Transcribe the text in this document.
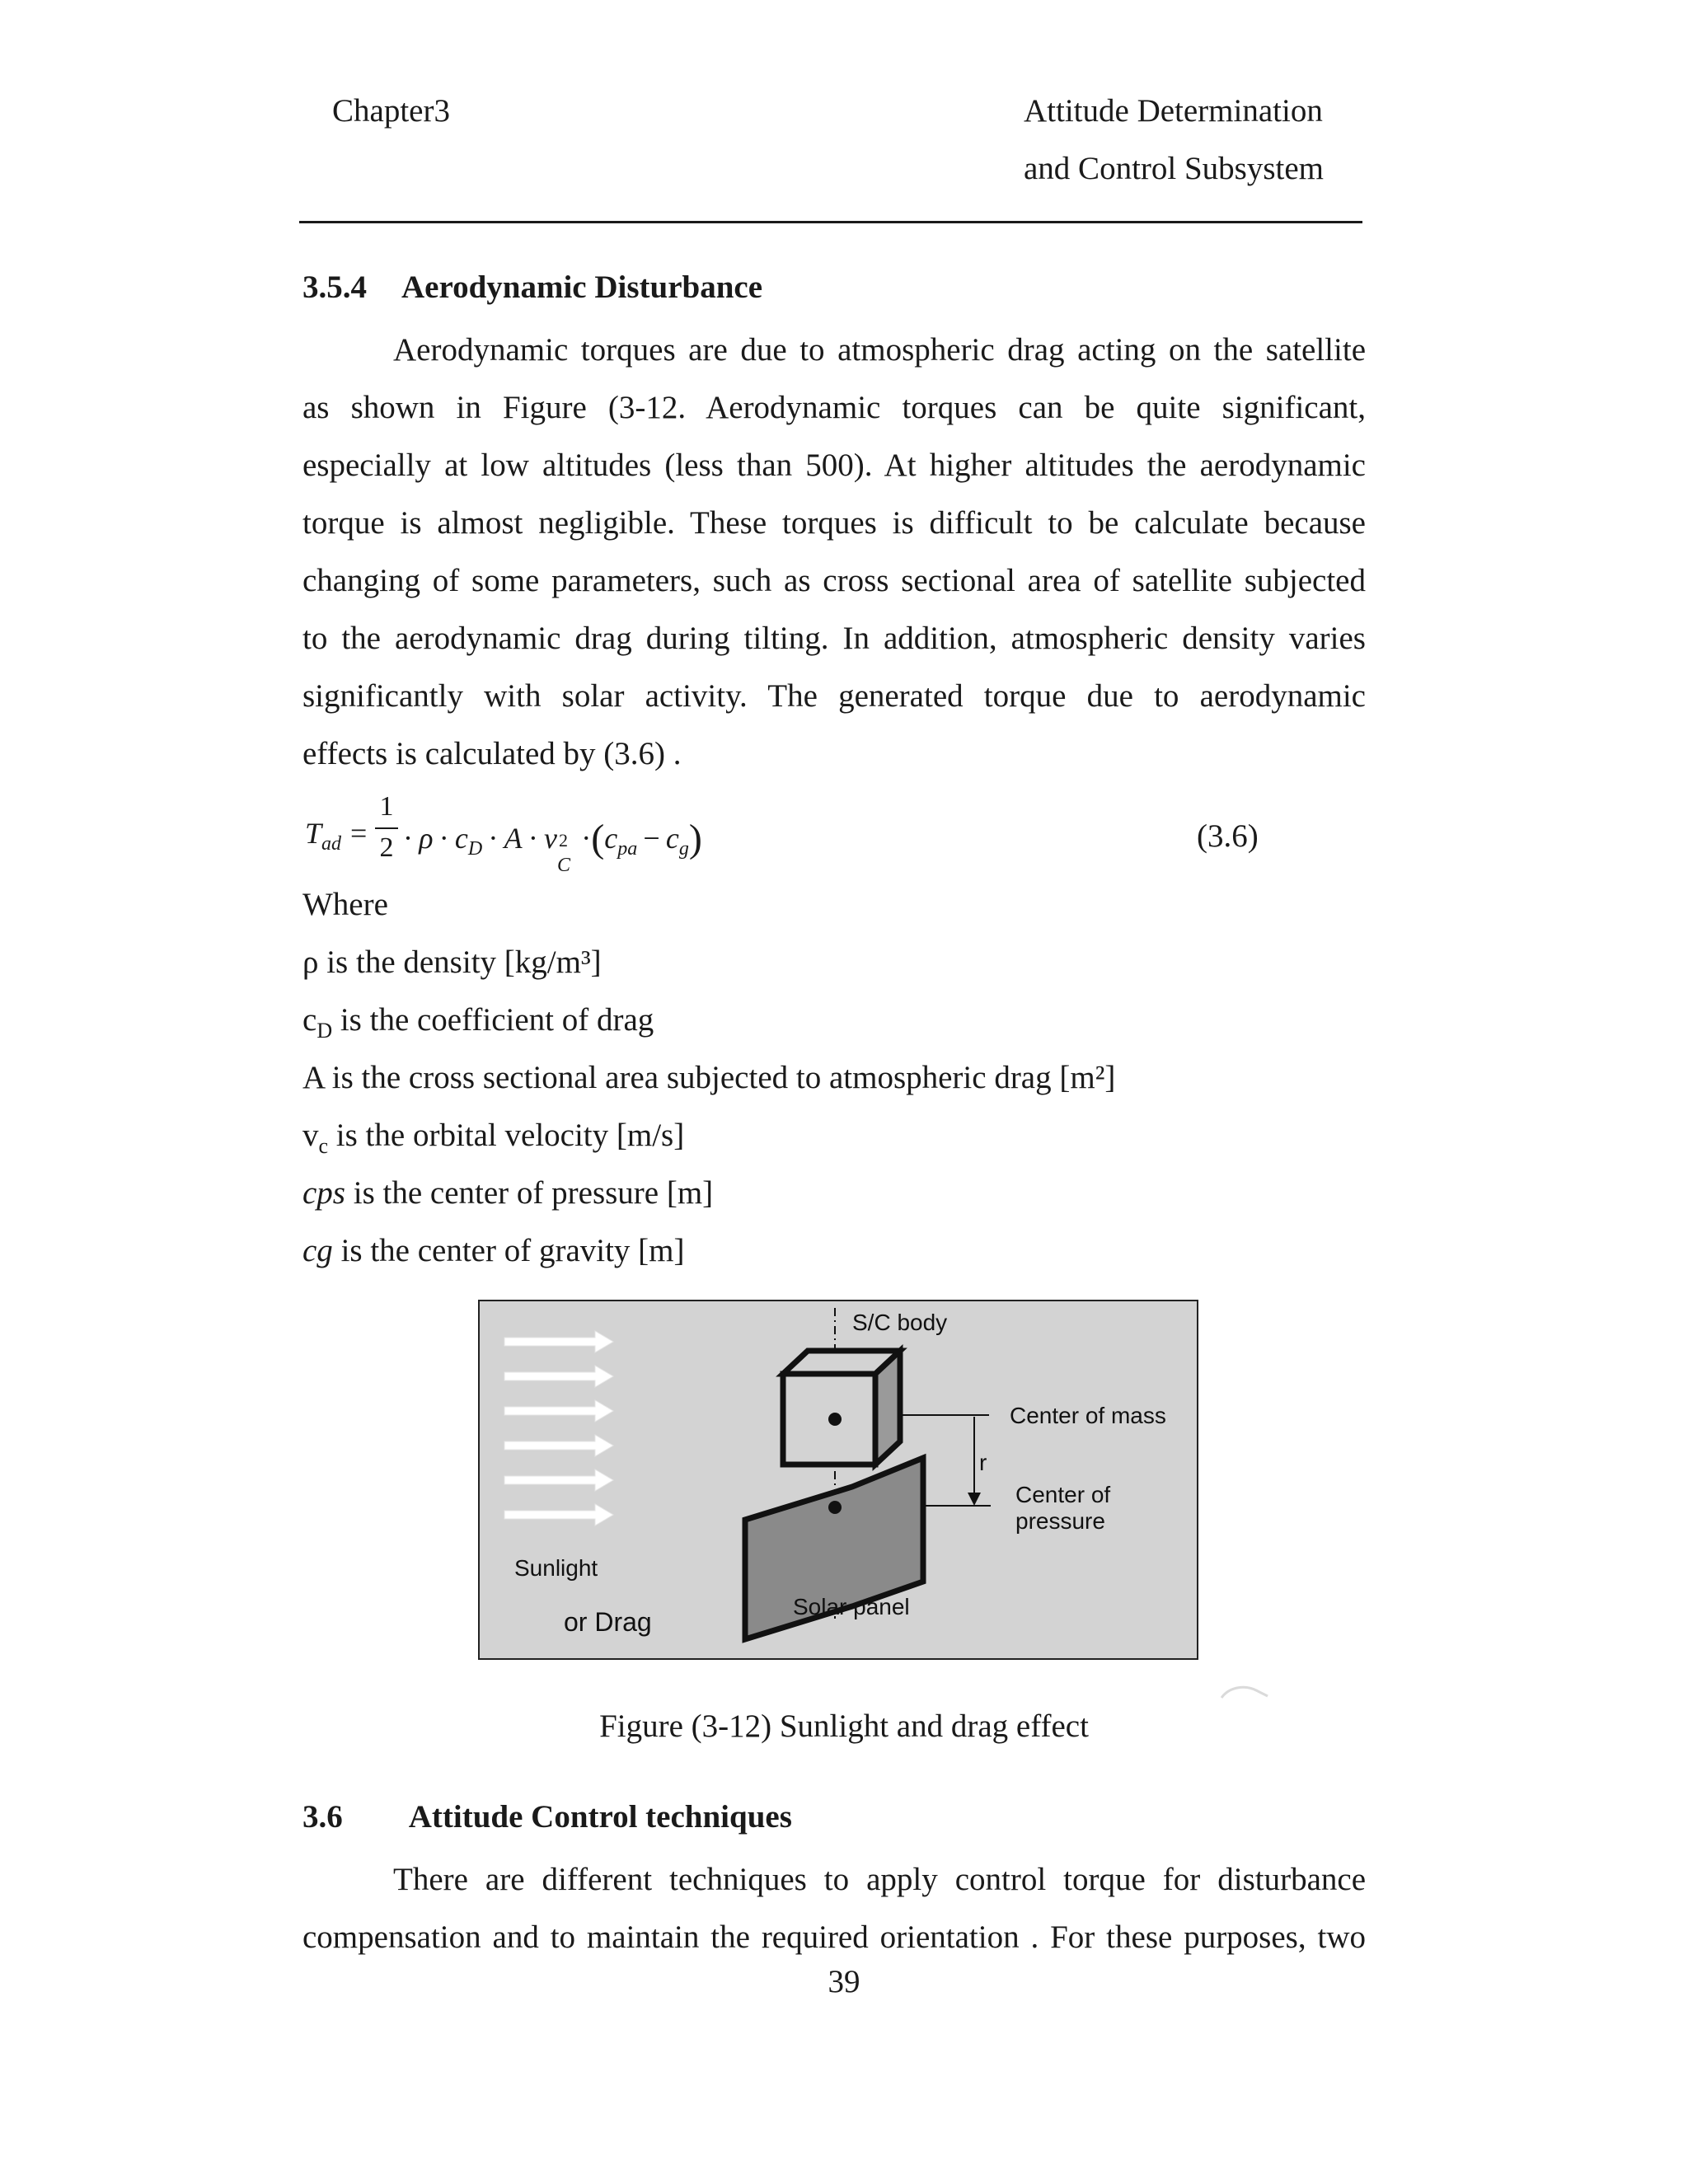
Chapter3	Attitude Determination
and Control Subsystem
3.5.4 Aerodynamic Disturbance
Aerodynamic torques are due to atmospheric drag acting on the satellite
as shown in Figure (3-12. Aerodynamic torques can be quite significant,
especially at low altitudes (less than 500). At higher altitudes the aerodynamic
torque is almost negligible. These torques is difficult to be calculate because
changing of some parameters, such as cross sectional area of satellite subjected
to the aerodynamic drag during tilting. In addition, atmospheric density varies
significantly with solar activity. The generated torque due to aerodynamic
effects is calculated by (3.6) .
$T_{ad}$ =
1
$2 \cdot \rho \cdot c_D \cdot A \cdot v$ 2
C
 $\cdot(c_{pa} - c_g)$	(3.6)
Where
ρ is the density [kg/m³]
$c_D$ is the coefficient of drag
A is the cross sectional area subjected to atmospheric drag [m²]
$v_c$ is the orbital velocity [m/s]
cps is the center of pressure [m]
cg is the center of gravity [m]
S/C body
Center of mass
r
Center of
pressure
Sunlight
or Drag
Solar panel
Figure (3-12) Sunlight and drag effect
3.6 Attitude Control techniques
There are different techniques to apply control torque for disturbance
compensation and to maintain the required orientation . For these purposes, two
39
